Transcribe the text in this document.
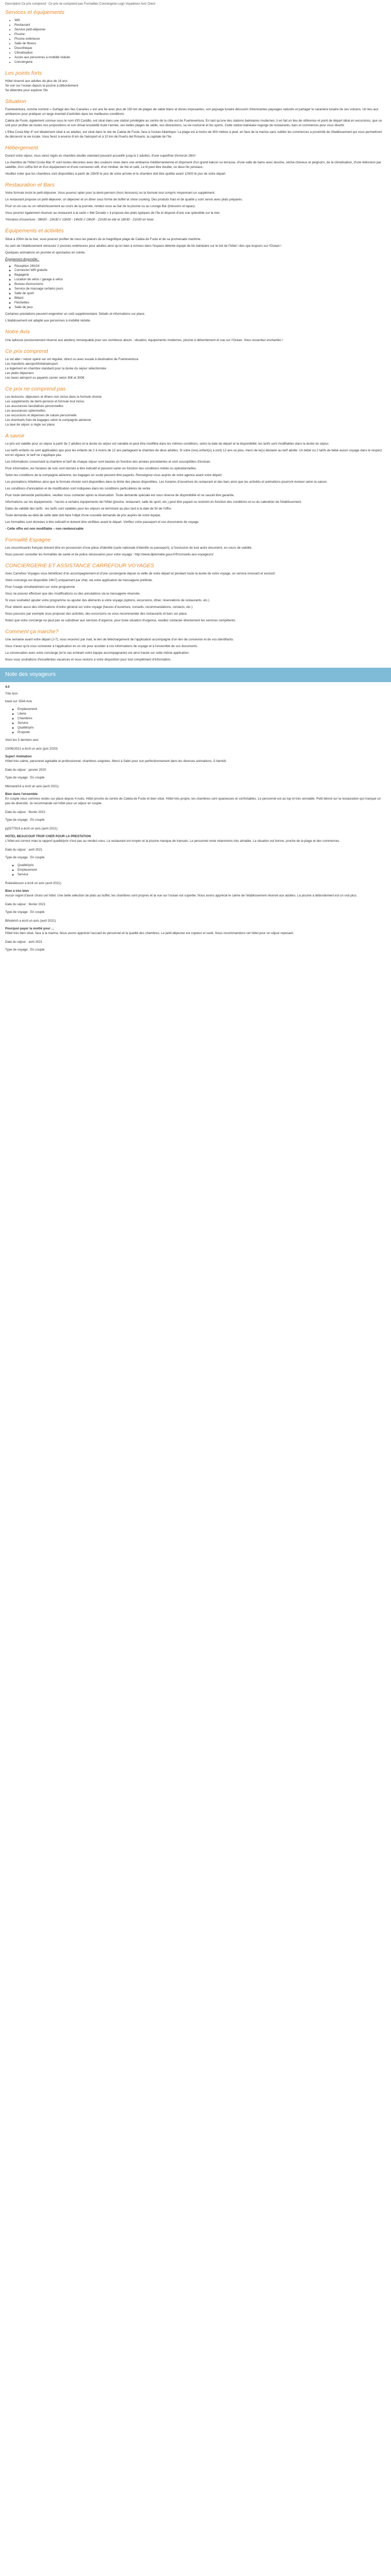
Description Ce prix comprend : Ce prix ne comprend pas Formalités Conciergerie Logo Voyaletour Avis Client

Services et équipements
• Wifi
• Restaurant
• Service petit-déjeuner
• Piscine
• Piscine extérieure
• Salle de fitness
• Discothèque
• Climatisation
• Accès aux personnes à mobilité réduite
• Conciergerie
Les points forts

Hôtel réservé aux adultes de plus de 16 ans

Se voir sur l'océan depuis la piscine à débordement

Se détendre pour explorer l'île

Situation

Fuerteventura, comme nommé « Surfage des îles Canaries » est une île avec plus de 150 km de plages de sable blanc et dunes imposantes, son paysage lunaire découvrir d'étonnantes paysages naturels et partager le caractère lunaire de ses volcans. Un lieu aux ambiances pour pratiquer un large éventail d'activités dans les meilleures conditions.

Caleta de Fuste, également connue sous le nom d'El Castillo, est situé dans une station privilégiée au centre de la côte est de Fuerteventura. En tant qu'une des stations balnéaires modernes, il en fait un lieu de référence et point de départ idéal en excursions, que ce soit pour profiter de toutes nos propositions et son climat ensoleillé toute l'année, ses belles plages de sable, ses distractions, sa vie nocturne et les sports. Cette station balnéaire regorge de restaurants, bars et commerces pour vous divertir.

L'Elba Costa Mar 4* est idéalement situé à un adultes, est situé dans le site de Caleta de Fuste, face à l'océan Atlantique. La plage est à moins de 400 mètres à pied, en face de la marina sans oublier les commerces à proximité de l'établissement qui vous permettront de découvrir la vie locale. Vous ferez à environ 8 km de l'aéroport et à 10 km de Puerto del Rosario, la capitale de l'île.

Hébergement

Durant votre séjour, vous serez logés en chambre double standard pouvant accueillir jusqu'à 2 adultes, d'une superficie d'environ 28m².

La chambre de l'hôtel Costa Mar 4* sont toutes décorées avec des couleurs vives dans une ambiance méditerranéenne et disposent d'un grand balcon ou terrasse, d'une salle de bains avec douche, sèche-cheveux et peignoirs, de la climatisation, d'une télévision par satellite, d'un coffre-fort et d'un équipement et d'une connexion wifi, d'un minibar, de thé et café, Le lit peut être double, ou deux lits jumeaux.

Veuillez noter que les chambres sont disponibles à partir de 15h00 le jour de votre arrivée et le chambre doit être quittée avant 12h00 le jour de votre départ.

Restauration et Bars

Votre formule inclut le petit-déjeuner. Vous pourrez opter pour la demi-pension (hors boissons) ou la formule tout compris moyennant un supplément.

Le restaurant propose un petit-déjeuner, un déjeuner et un dîner sous forme de buffet et show cooking. Des produits frais et de qualité y sont servis avec plats préparés.

Pour un en-cas ou un rafraîchissement au cours de la journée, rendez-vous au bar de la piscine ou au Lounge Bar (boissons et tapas).

Vous pourrez également réserver au restaurant à la carte « Mel Dorado » il propose des plats typiques de l'île et disposé d'une vue splendide sur la mer.

*Horaires d'ouverture : 08h00 - 10h30 // 13h00 - 14h00 // 19h00 - 21h30 en été et 18h30 - 21h00 en hiver.

Équipements et activités

Situé à 200m de la mer, vous pourrez profiter de nous les plaisirs de la magnifique plage de Caleta de Fuste et de sa promenade maritime.

Au sein de l'établissement retrouvez 2 piscines extérieures pour adultes ainsi qu'un bain à remous dans l'espace détente équipé de lits balnéaire sur le toit de l'hôtel / des spa toujours sur l'Océan !

Quelques animations en journée et spectacles en soirée.

Équipement disponible :

◦ Réception 24h/24
◦ Connexion Wifi gratuite
◦ Bagagerie
◦ Location de vélos / garage à vélos
◦ Bureau d'excursions
◦ Service de massage certains jours
◦ Salle de sport
◦ Billard
◦ Fléchettes
◦ Salle de jeux

Certaines prestations peuvent engendrer un coût supplémentaire. Détails et informations sur place.

L'établissement est adapté aux personnes à mobilité réduite.

Notre Avis

Une adresse (exclusivement réservé aux adultes) remarquable pour ses nombreux atouts : situation, équipements modernes, piscine à débordement et vue sur l'Océan. Vous ressentez enchantés !

Ce prix comprend

Le vol aller / retour opéré sur vol régulier, direct ou avec escale à destination de Fuerteventura

Les transferts aéroport/hôtel/aéroport

Le logement en chambre standard pour la durée du séjour sélectionnée

Les petits déjeuners

Les taxes aéroport ou payants carrier selon 30€ et 300€

Ce prix ne comprend pas

Les boissons, déjeuners et dîners non inclus dans la formule choisie

Les suppléments de demi-pension et formule tout inclus

Les assurances facultatives personnelles

Les assurances optionnelles

Les excursions et dépenses de nature personnelle

Les éventuels frais de bagages selon la compagnie aérienne

La taxe de séjour si règle sur place

A savoir

Le prix est valable pour un séjour à partir de 2 adultes et la durée du séjour est variable et peut être modifiée dans les mêmes conditions, selon la date de départ et la disponibilité, les tarifs sont modifiables dans la durée du séjour.

Les tarifs enfants ne sont applicables que pour les enfants de 2 à moins de 12 ans partageant la chambre de deux adultes. Si votre (vos) enfant(s) a (ont) 12 ans ou plus, merci de le(s) déclarer au tarif adulte. Un bébé ou 2 tarifs de bébé aucun voyage dans le respect est en vigueur, le tarif ne s'applique pas.

Les informations concernant la chambre et tarif de chaque séjour sont basées en fonction des années précédentes et sont susceptibles d'évoluer.

Pour information, les horaires de vols sont donnés à titre indicatif et peuvent varier en fonction des conditions météo ou opérationnelles.

Selon les conditions de la compagnie aérienne, les bagages en soute peuvent être payants. Renseignez-vous auprès de votre agence avant votre départ.

Les prestations hôtelières ainsi que la formule choisie sont disponibles dans la limite des places disponibles. Les horaires d'ouverture du restaurant et des bars ainsi que les activités et animations pourront évoluer selon la saison.

Les conditions d'annulation et de modification sont indiquées dans les conditions particulières de vente.

Pour toute demande particulière, veuillez nous contacter après la réservation. Toute demande spéciale est sous réserve de disponibilité et ne saurait être garantie.

Informations sur les équipements : l'accès à certains équipements de l'hôtel (piscine, restaurant, salle de sport, etc.) peut être payant ou restreint en fonction des conditions et ou du calendrier de l'établissement.

Dates de validité des tarifs : les tarifs sont valables pour les séjours se terminant au plus tard à la date de fin de l'offre.

Toute demande au-delà de cette date doit faire l'objet d'une nouvelle demande de prix auprès de notre équipe.

Les formalités sont données à titre indicatif et doivent être vérifiées avant le départ. Vérifiez votre passeport et vos documents de voyage.

- Cette offre est non modifiable – non remboursable

Formalité Espagne

Les ressortissants français doivent être en possession d'une pièce d'identité (carte nationale d'identité ou passeport), à l'exclusion de tout autre document, en cours de validité.

Nous pouvez consulter les formalités de santé et de police nécessaires pour votre voyage : http://www.diplomatie.gouv.fr/fr/conseils-aux-voyageurs/

CONCIERGERIE ET ASSISTANCE CARREFOUR VOYAGES

Avec Carrefour Voyages vous bénéficiez d'un accompagnement et d'une conciergerie depuis la veille de votre départ et pendant toute la durée de votre voyage, un service innovant et exclusif.

Votre concierge est disponible 24h/7j uniquement par chat, via votre application de messagerie préférée.

Pour l'usage simultanément sur votre programme

Vous ne pouvez effectuer que des modifications ou des annulations via la messagerie réservée.

Si vous souhaitez ajouter votre programme ou ajouter des éléments à votre voyage (options, excursions, dîner, réservations de restaurants, etc.)

Pour obtenir aussi des informations d'ordre général sur votre voyage (heures d'ouverture, conseils, recommandations, contacts, etc.)

Nous pouvons par exemple vous proposer des activités, des excursions ou vous recommander des restaurants et bars sur place.

Notez que votre concierge ne peut pas se substituer aux services d'urgence, pour toute situation d'urgence, veuillez contacter directement les services compétents.

Comment ça marche?

Une semaine avant votre départ (J-7), vous recevrez par mail, le lien de téléchargement de l'application accompagné d'un lien de connexion et de vos identifiants.

Vous n'avez qu'à vous connecter à l'application en un clic pour accéder à vos informations de voyage et à l'ensemble de vos documents.

La conversation avec votre concierge (et le cas échéant votre équipe accompagnante) est ainsi tracée sur cette même application.

Nous vous souhaitons d'excellentes vacances et nous restons à votre disposition pour tout complément d'information.

Note des voyageurs

4.0

Très bon

basé sur 1544 Avis

◦ Emplacement
◦ Literie
◦ Chambres
◦ Service
◦ Qualité/prix
◦ Propreté

Voici les 5 derniers avis

10/06/2021 a écrit un avis (juin 2020)

Super! Animation

Hôtel très calme, personnel agréable et professionnel, chambres soignées. Merci à Sabri pour son perfectionnement dans les diverses animations. À bientôt.

Date du séjour : janvier 2020

Type de voyage : En couple

Méroand14 a écrit un avis (avril 2021)

Bien dans l'ensemble

En couple nous sommes restés sur place depuis 4 nuits. Hôtel proche du centre de Caleta de Fuste et bien situé. Hôtel très propre, les chambres sont spacieuses et confortables. Le personnel est au top et très serviable. Petit bémol sur la restauration qui manque un peu de diversité. Je recommande cet hôtel pour un séjour en couple.

Date du séjour : février 2021

Type de voyage : En couple

pj2577919 a écrit un avis (avril 2021)

HOTEL BEAUCOUP TROP CHER POUR LA PRESTATION

L'hôtel est correct mais le rapport qualité/prix n'est pas au rendez-vous. Le restaurant est moyen et la piscine manque de transats. Le personnel reste néanmoins très aimable. La situation est bonne, proche de la plage et des commerces.

Date du séjour : avril 2021

Type de voyage : En couple

◦ Qualité/prix
◦ Emplacement
◦ Service

Rolandesson a écrit un avis (avril 2021)

Bien à très bien

Aucun regret d'avoir choisi cet hôtel. Une belle sélection de plats au buffet, les chambres sont propres et la vue sur l'océan est superbe. Nous avons apprécié le calme de l'établissement réservé aux adultes. La piscine à débordement est un vrai plus.

Date du séjour : février 2021

Type de voyage : En couple

Bihobrich a écrit un avis (avril 2021)

Pourquoi payer la moitié pour ...

Hôtel très bien situé, face à la marina. Nous avons apprécié l'accueil du personnel et la qualité des chambres. Le petit-déjeuner est copieux et varié. Nous recommandons cet hôtel pour un séjour reposant.

Date du séjour : avril 2021

Type de voyage : En couple
